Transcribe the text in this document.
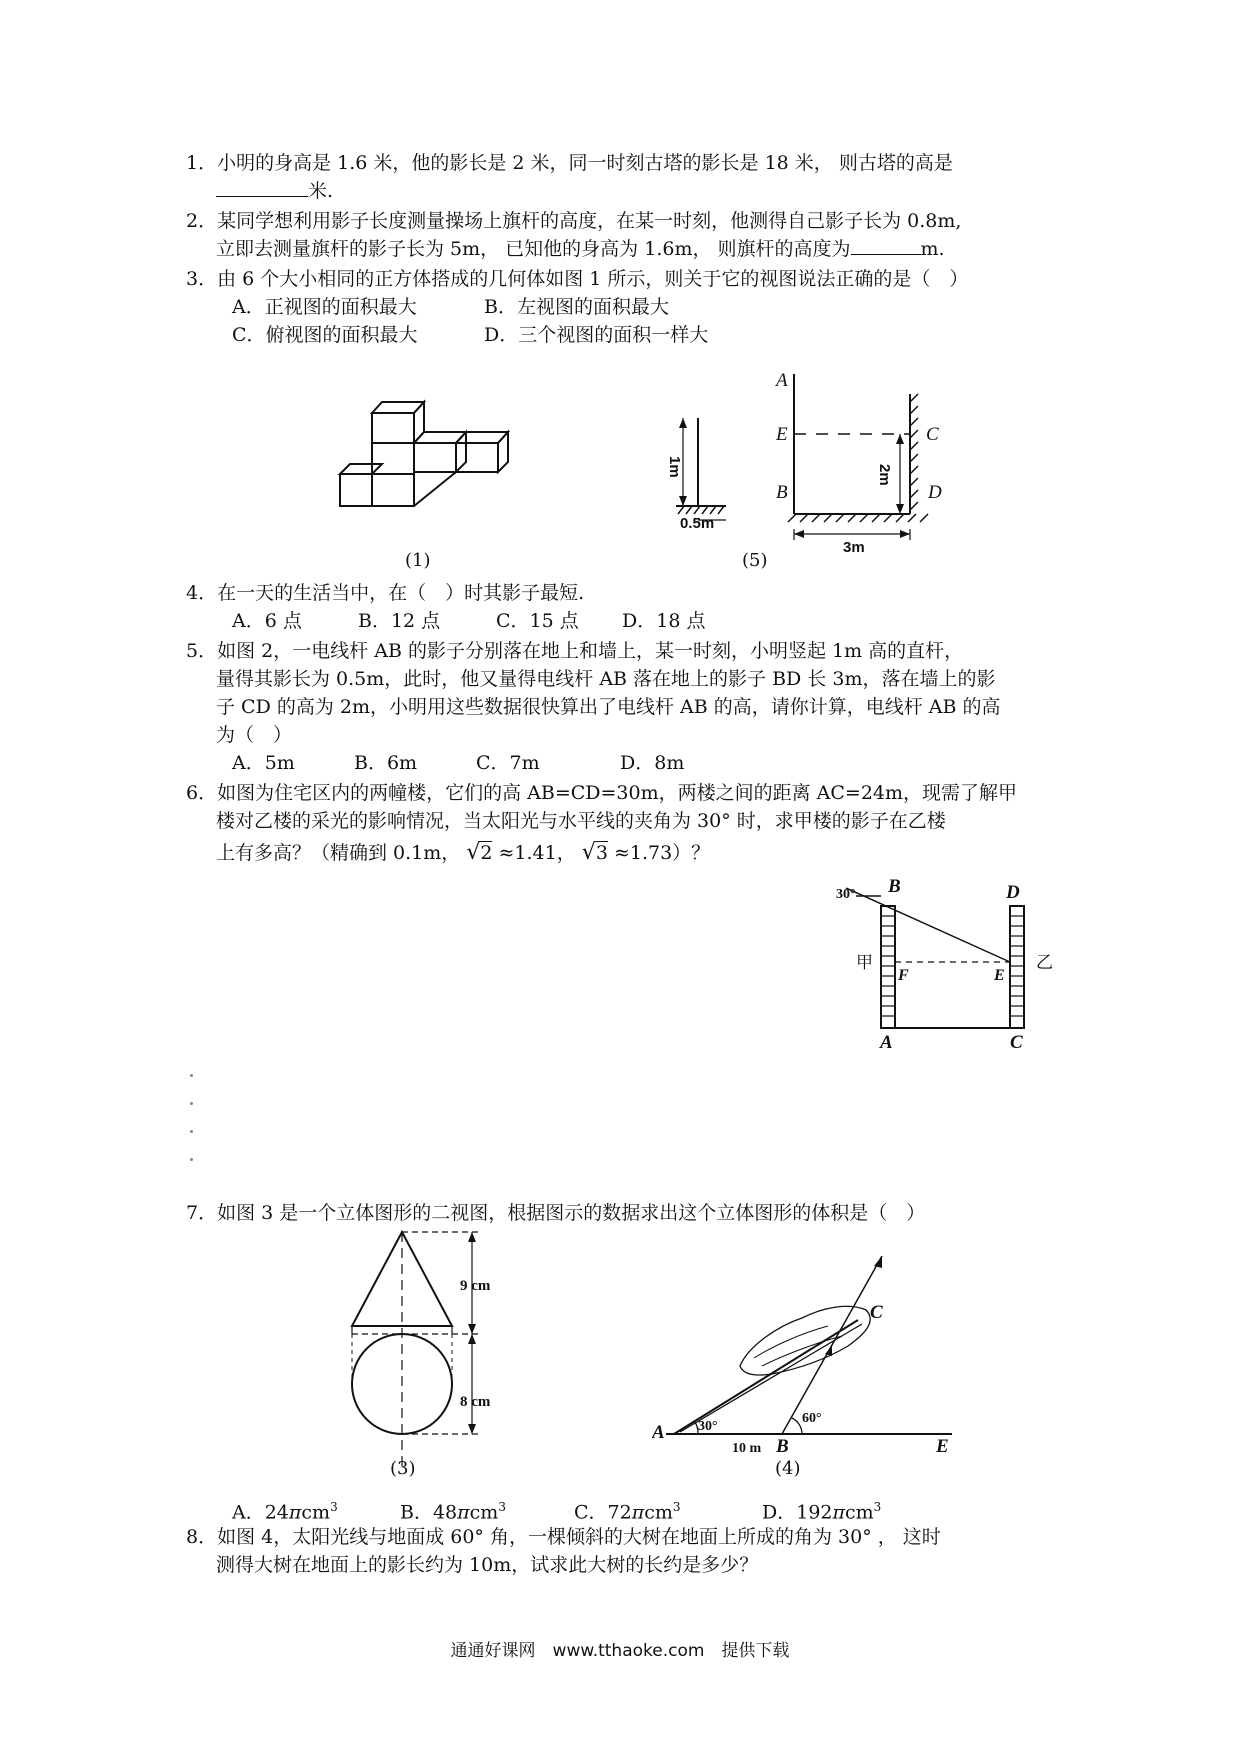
1．小明的身高是 1.6 米，他的影长是 2 米，同一时刻古塔的影长是 18 米， 则古塔的高是
米.
2．某同学想利用影子长度测量操场上旗杆的高度，在某一时刻，他测得自己影子长为 0.8m,
立即去测量旗杆的影子长为 5m， 已知他的身高为 1.6m， 则旗杆的高度为	m.
3．由 6 个大小相同的正方体搭成的几何体如图 1 所示，则关于它的视图说法正确的是（　）
A．正视图的面积最大	B．左视图的面积最大
C．俯视图的面积最大	D．三个视图的面积一样大
(1)
1m
0.5m
2m
3m
A
E
B
C
D
(5)
4．在一天的生活当中，在（　）时其影子最短.
A．6 点	B．12 点	C．15 点 D．18 点
5．如图 2，一电线杆 AB 的影子分别落在地上和墙上，某一时刻，小明竖起 1m 高的直杆，
量得其影长为 0.5m，此时，他又量得电线杆 AB 落在地上的影子 BD 长 3m，落在墙上的影
子 CD 的高为 2m，小明用这些数据很快算出了电线杆 AB 的高，请你计算，电线杆 AB 的高
为（　）
A．5m	B．6m	C．7m	D．8m
6．如图为住宅区内的两幢楼，它们的高 AB=CD=30m，两楼之间的距离 AC=24m，现需了解甲
楼对乙楼的采光的影响情况，当太阳光与水平线的夹角为 30° 时，求甲楼的影子在乙楼
上有多高？（精确到 0.1m， √2 ≈1.41， √3 ≈1.73）？
30° B	D
F	E
A	C
甲	乙
7．如图 3 是一个立体图形的二视图，根据图示的数据求出这个立体图形的体积是（　）
9 cm
8 cm
(3)
A
B
C
E
30°
60°
10 m
(4)
A．24πcm$^3$	B．48πcm$^3$	C．72πcm$^3$	D．192πcm$^3$
8．如图 4，太阳光线与地面成 60° 角，一棵倾斜的大树在地面上所成的角为 30° ， 这时
测得大树在地面上的影长约为 10m，试求此大树的长约是多少？
通通好课网　www.tthaoke.com　提供下载
